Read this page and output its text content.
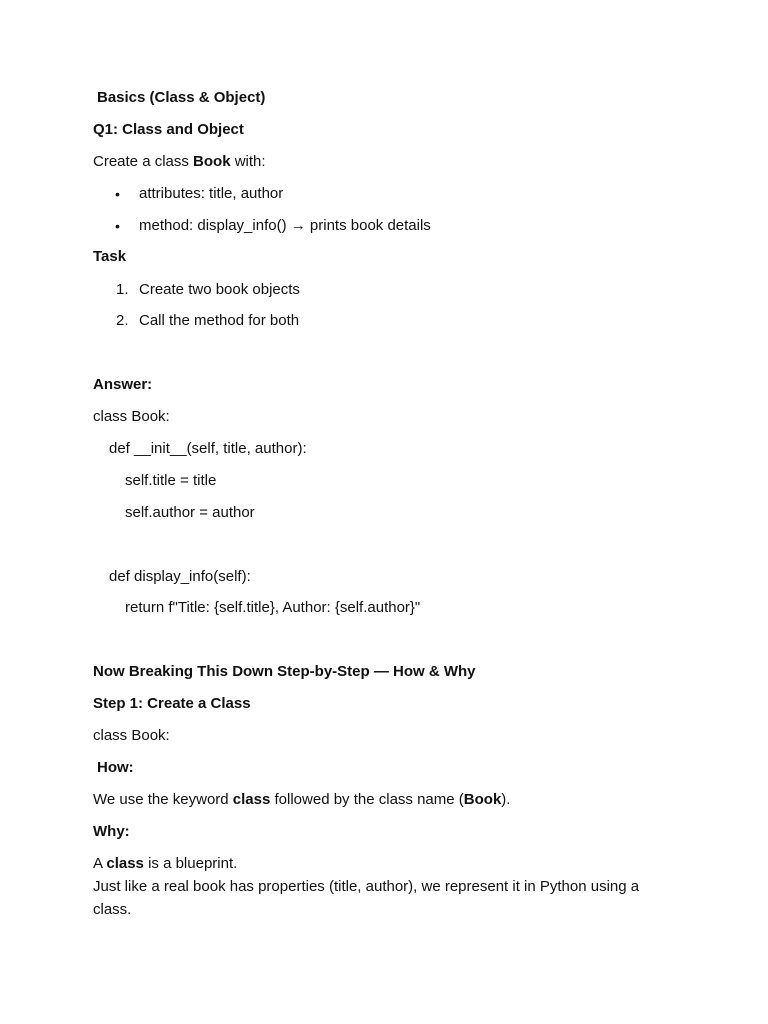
Basics (Class & Object)
Q1: Class and Object
Create a class Book with:
• attributes: title, author
• method: display_info() → prints book details
Task
1. Create two book objects
2. Call the method for both
Answer:
class Book:
def __init__(self, title, author):
self.title = title
self.author = author
def display_info(self):
return f"Title: {self.title}, Author: {self.author}"
Now Breaking This Down Step-by-Step — How & Why
Step 1: Create a Class
class Book:
How:
We use the keyword class followed by the class name (Book).
Why:
A class is a blueprint.
Just like a real book has properties (title, author), we represent it in Python using a class.
